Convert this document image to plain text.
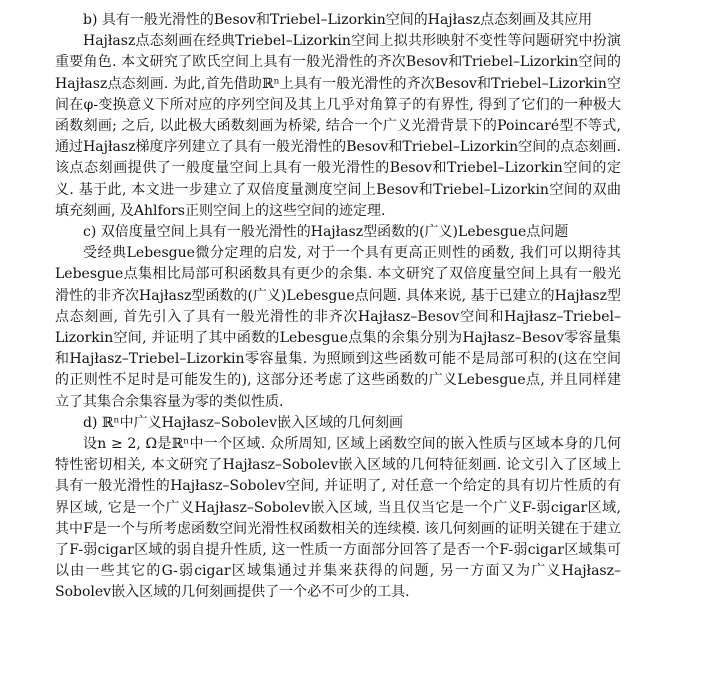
b) 具有一般光滑性的Besov和Triebel–Lizorkin空间的Hajłasz点态刻画及其应用

Hajłasz点态刻画在经典Triebel–Lizorkin空间上拟共形映射不变性等问题研究中扮演重要角色. 本文研究了欧氏空间上具有一般光滑性的齐次Besov和Triebel–Lizorkin空间的Hajłasz点态刻画. 为此,首先借助ℝⁿ上具有一般光滑性的齐次Besov和Triebel–Lizorkin空间在φ-变换意义下所对应的序列空间及其上几乎对角算子的有界性, 得到了它们的一种极大函数刻画; 之后, 以此极大函数刻画为桥梁, 结合一个广义光滑背景下的Poincaré型不等式, 通过Hajłasz梯度序列建立了具有一般光滑性的Besov和Triebel–Lizorkin空间的点态刻画. 该点态刻画提供了一般度量空间上具有一般光滑性的Besov和Triebel–Lizorkin空间的定义. 基于此, 本文进一步建立了双倍度量测度空间上Besov和Triebel–Lizorkin空间的双曲填充刻画, 及Ahlfors正则空间上的这些空间的迹定理.

c) 双倍度量空间上具有一般光滑性的Hajłasz型函数的(广义)Lebesgue点问题

受经典Lebesgue微分定理的启发, 对于一个具有更高正则性的函数, 我们可以期待其Lebesgue点集相比局部可积函数具有更少的余集. 本文研究了双倍度量空间上具有一般光滑性的非齐次Hajłasz型函数的(广义)Lebesgue点问题. 具体来说, 基于已建立的Hajłasz型点态刻画, 首先引入了具有一般光滑性的非齐次Hajłasz–Besov空间和Hajłasz–Triebel–Lizorkin空间, 并证明了其中函数的Lebesgue点集的余集分别为Hajłasz–Besov零容量集和Hajłasz–Triebel–Lizorkin零容量集. 为照顾到这些函数可能不是局部可积的(这在空间的正则性不足时是可能发生的), 这部分还考虑了这些函数的广义Lebesgue点, 并且同样建立了其集合余集容量为零的类似性质.

d) ℝⁿ中广义Hajłasz–Sobolev嵌入区域的几何刻画

设n ≥ 2, Ω是ℝⁿ中一个区域. 众所周知, 区域上函数空间的嵌入性质与区域本身的几何特性密切相关, 本文研究了Hajłasz–Sobolev嵌入区域的几何特征刻画. 论文引入了区域上具有一般光滑性的Hajłasz–Sobolev空间, 并证明了, 对任意一个给定的具有切片性质的有界区域, 它是一个广义Hajłasz–Sobolev嵌入区域, 当且仅当它是一个广义F-弱cigar区域, 其中F是一个与所考虑函数空间光滑性权函数相关的连续模. 该几何刻画的证明关键在于建立了F-弱cigar区域的弱自提升性质, 这一性质一方面部分回答了是否一个F-弱cigar区域集可以由一些其它的G-弱cigar区域集通过并集来获得的问题, 另一方面又为广义Hajłasz–Sobolev嵌入区域的几何刻画提供了一个必不可少的工具.
